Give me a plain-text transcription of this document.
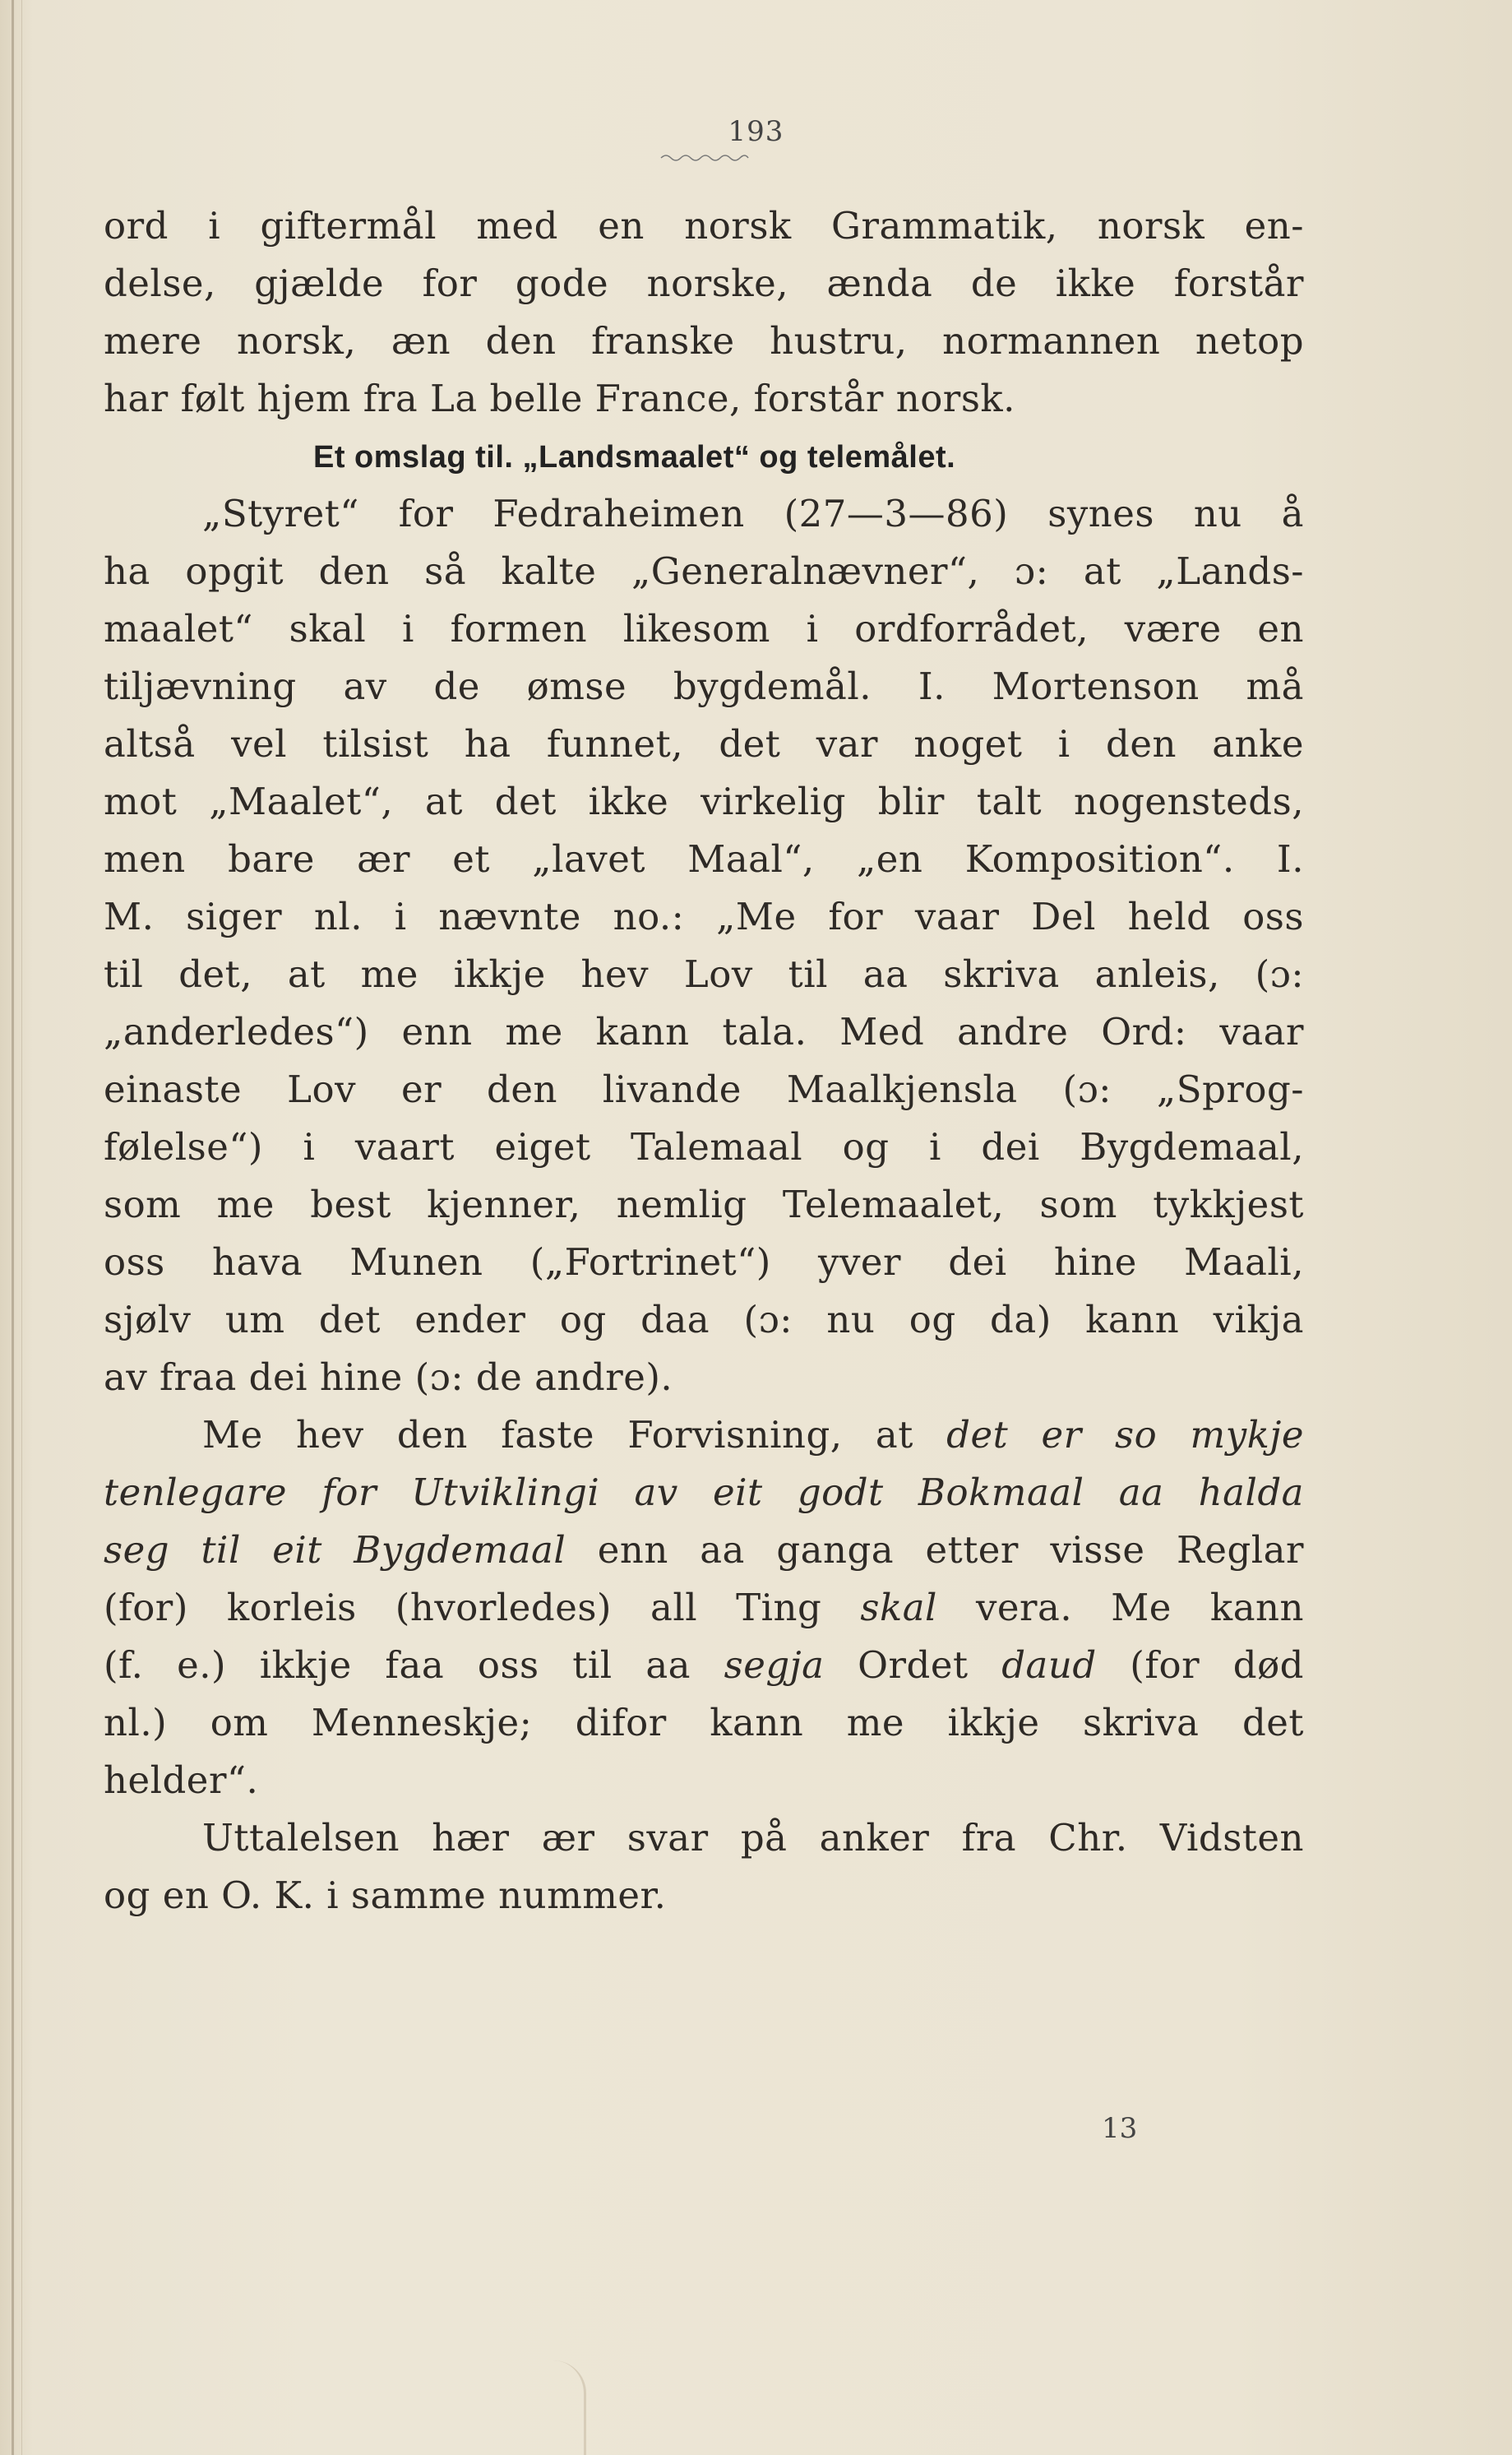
193
ord i giftermål med en norsk Grammatik, norsk en-
delse, gjælde for gode norske, ænda de ikke forstår
mere norsk, æn den franske hustru, normannen netop
har følt hjem fra La belle France, forstår norsk.
Et omslag til. „Landsmaalet“ og telemålet.
„Styret“ for Fedraheimen (27—3—86) synes nu å
ha opgit den så kalte „Generalnævner“, ɔ: at „Lands-
maalet“ skal i formen likesom i ordforrådet, være en
tiljævning av de ømse bygdemål. I. Mortenson må
altså vel tilsist ha funnet, det var noget i den anke
mot „Maalet“, at det ikke virkelig blir talt nogensteds,
men bare ær et „lavet Maal“, „en Komposition“. I.
M. siger nl. i nævnte no.: „Me for vaar Del held oss
til det, at me ikkje hev Lov til aa skriva anleis, (ɔ:
„anderledes“) enn me kann tala. Med andre Ord: vaar
einaste Lov er den livande Maalkjensla (ɔ: „Sprog-
følelse“) i vaart eiget Talemaal og i dei Bygdemaal,
som me best kjenner, nemlig Telemaalet, som tykkjest
oss hava Munen („Fortrinet“) yver dei hine Maali,
sjølv um det ender og daa (ɔ: nu og da) kann vikja
av fraa dei hine (ɔ: de andre).
Me hev den faste Forvisning, at det er so mykje
tenlegare for Utviklingi av eit godt Bokmaal aa halda
seg til eit Bygdemaal enn aa ganga etter visse Reglar
(for) korleis (hvorledes) all Ting skal vera. Me kann
(f. e.) ikkje faa oss til aa segja Ordet daud (for død
nl.) om Menneskje; difor kann me ikkje skriva det
helder“.
Uttalelsen hær ær svar på anker fra Chr. Vidsten
og en O. K. i samme nummer.
13
